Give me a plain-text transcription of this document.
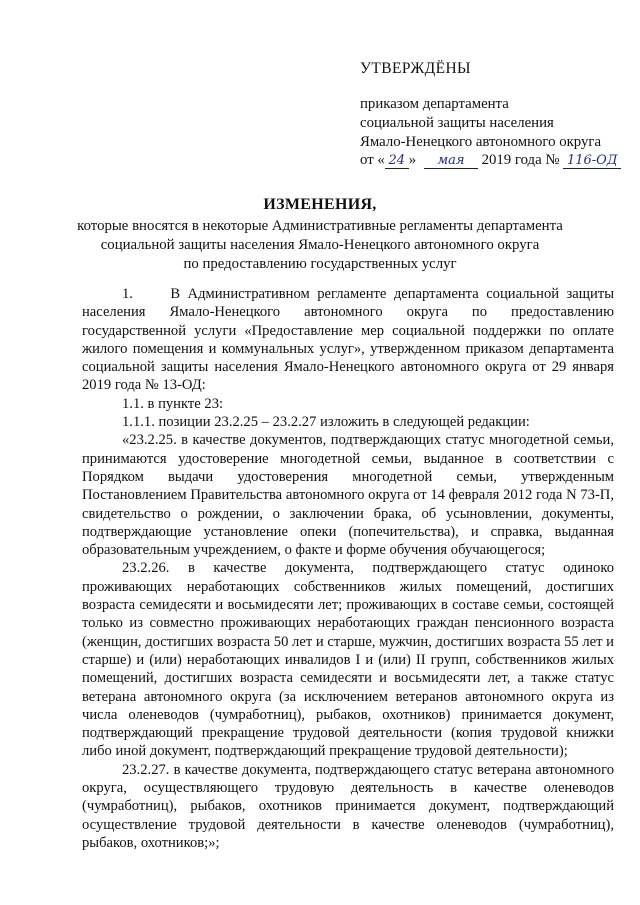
УТВЕРЖДЁНЫ
приказом департамента
социальной защиты населения
Ямало-Ненецкого автономного округа
от « 24 » мая 2019 года № 116-ОД
ИЗМЕНЕНИЯ,
которые вносятся в некоторые Административные регламенты департамента
социальной защиты населения Ямало-Ненецкого автономного округа
по предоставлению государственных услуг

1.     В Административном регламенте департамента социальной защиты населения Ямало-Ненецкого автономного округа по предоставлению государственной услуги «Предоставление мер социальной поддержки по оплате жилого помещения и коммунальных услуг», утвержденном приказом департамента социальной защиты населения Ямало-Ненецкого автономного округа от 29 января 2019 года № 13-ОД:

1.1. в пункте 23:

1.1.1. позиции 23.2.25 – 23.2.27 изложить в следующей редакции:

«23.2.25. в качестве документов, подтверждающих статус многодетной семьи, принимаются удостоверение многодетной семьи, выданное в соответствии с Порядком выдачи удостоверения многодетной семьи, утвержденным Постановлением Правительства автономного округа от 14 февраля 2012 года N 73-П, свидетельство о рождении, о заключении брака, об усыновлении, документы, подтверждающие установление опеки (попечительства), и справка, выданная образовательным учреждением, о факте и форме обучения обучающегося;

23.2.26. в качестве документа, подтверждающего статус одиноко проживающих неработающих собственников жилых помещений, достигших возраста семидесяти и восьмидесяти лет; проживающих в составе семьи, состоящей только из совместно проживающих неработающих граждан пенсионного возраста (женщин, достигших возраста 50 лет и старше, мужчин, достигших возраста 55 лет и старше) и (или) неработающих инвалидов I и (или) II групп, собственников жилых помещений, достигших возраста семидесяти и восьмидесяти лет, а также статус ветерана автономного округа (за исключением ветеранов автономного округа из числа оленеводов (чумработниц), рыбаков, охотников) принимается документ, подтверждающий прекращение трудовой деятельности (копия трудовой книжки либо иной документ, подтверждающий прекращение трудовой деятельности);

23.2.27. в качестве документа, подтверждающего статус ветерана автономного округа, осуществляющего трудовую деятельность в качестве оленеводов (чумработниц), рыбаков, охотников принимается документ, подтверждающий осуществление трудовой деятельности в качестве оленеводов (чумработниц), рыбаков, охотников;»;
